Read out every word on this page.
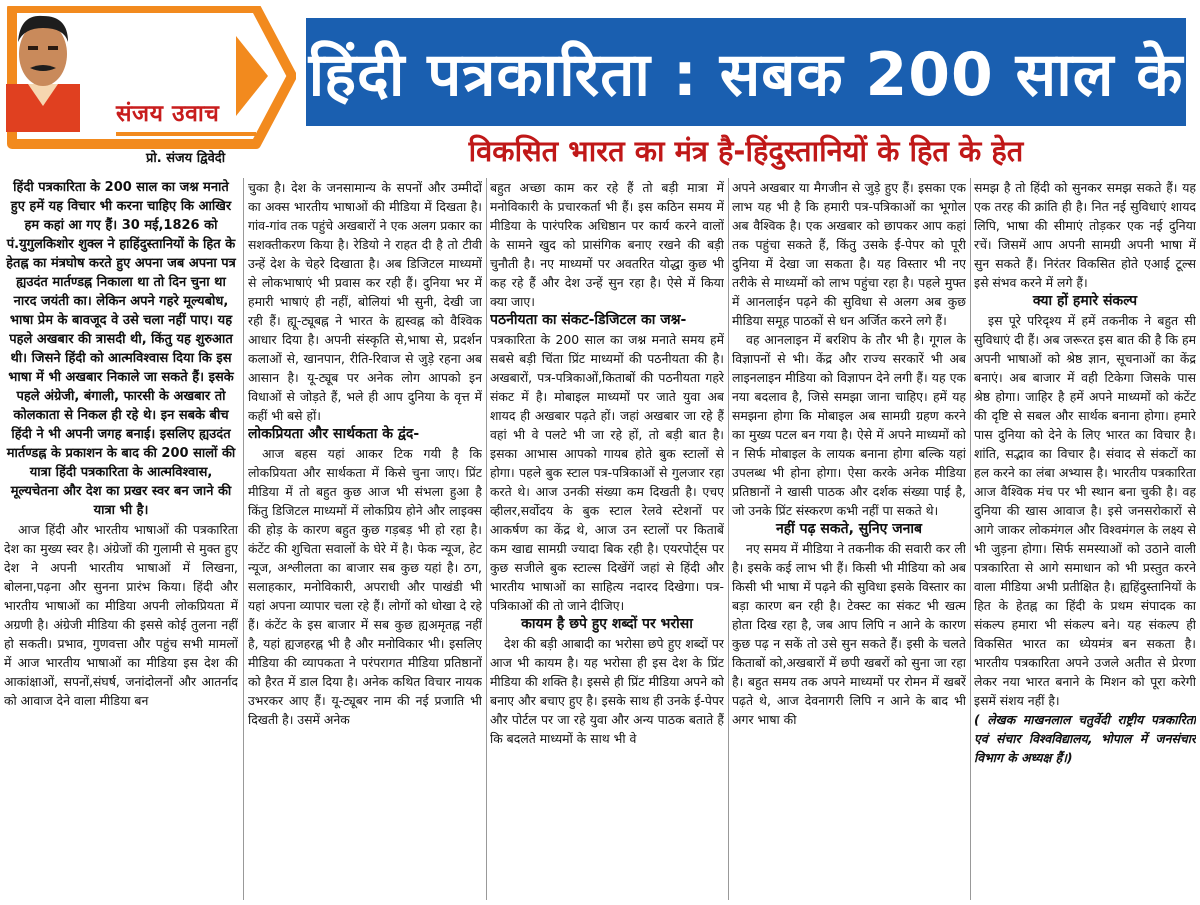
संजय उवाच
प्रो. संजय द्विवेदी
हिंदी पत्रकारिता : सबक 200 साल के
विकसित भारत का मंत्र है-हिंदुस्तानियों के हित के हेत

हिंदी पत्रकारिता के 200 साल का जश्न मनाते हुए हमें यह विचार भी करना चाहिए कि आखिर हम कहां आ गए हैं। 30 मई,1826 को पं.युगुलकिशोर शुक्ल ने हाहिंदुस्तानियों के हित के हेतह्न का मंत्रघोष करते हुए अपना जब अपना पत्र ह्यउदंत मार्तण्डह्न निकाला था तो दिन चुना था नारद जयंती का। लेकिन अपने गहरे मूल्यबोध, भाषा प्रेम के बावजूद वे उसे चला नहीं पाए। यह पहले अखबार की त्रासदी थी, किंतु यह शुरुआत थी। जिसने हिंदी को आत्मविश्वास दिया कि इस भाषा में भी अखबार निकाले जा सकते हैं। इसके पहले अंग्रेजी, बंगाली, फारसी के अखबार तो कोलकाता से निकल ही रहे थे। इन सबके बीच हिंदी ने भी अपनी जगह बनाई। इसलिए ह्यउदंत मार्तण्डह्न के प्रकाशन के बाद की 200 सालों की यात्रा हिंदी पत्रकारिता के आत्मविश्वास, मूल्यचेतना और देश का प्रखर स्वर बन जाने की यात्रा भी है।

आज हिंदी और भारतीय भाषाओं की पत्रकारिता देश का मुख्य स्वर है। अंग्रेजों की गुलामी से मुक्त हुए देश ने अपनी भारतीय भाषाओं में लिखना, बोलना,पढ़ना और सुनना प्रारंभ किया। हिंदी और भारतीय भाषाओं का मीडिया अपनी लोकप्रियता में अग्रणी है। अंग्रेजी मीडिया की इससे कोई तुलना नहीं हो सकती। प्रभाव, गुणवत्ता और पहुंच सभी मामलों में आज भारतीय भाषाओं का मीडिया इस देश की आकांक्षाओं, सपनों,संघर्ष, जनांदोलनों और आतर्नाद को आवाज देने वाला मीडिया बन

चुका है। देश के जनसामान्य के सपनों और उम्मीदों का अक्स भारतीय भाषाओं की मीडिया में दिखता है। गांव-गांव तक पहुंचे अखबारों ने एक अलग प्रकार का सशक्तीकरण किया है। रेडियो ने राहत दी है तो टीवी उन्हें देश के चेहरे दिखाता है। अब डिजिटल माध्यमों से लोकभाषाएं भी प्रवास कर रही हैं। दुनिया भर में हमारी भाषाएं ही नहीं, बोलियां भी सुनी, देखी जा रही हैं। ह्यू-ट्यूबह्न ने भारत के ह्यस्वह्न को वैश्विक आधार दिया है। अपनी संस्कृति से,भाषा से, प्रदर्शन कलाओं से, खानपान, रीति-रिवाज से जुड़े रहना अब आसान है। यू-ट्यूब पर अनेक लोग आपको इन विधाओं से जोड़ते हैं, भले ही आप दुनिया के वृत्त में कहीं भी बसे हों।

लोकप्रियता और सार्थकता के द्वंद-

आज बहस यहां आकर टिक गयी है कि लोकप्रियता और सार्थकता में किसे चुना जाए। प्रिंट मीडिया में तो बहुत कुछ आज भी संभला हुआ है किंतु डिजिटल माध्यमों में लोकप्रिय होने और लाइक्स की होड़ के कारण बहुत कुछ गड़बड़ भी हो रहा है। कंटेंट की शुचिता सवालों के घेरे में है। फेक न्यूज, हेट न्यूज, अश्लीलता का बाजार सब कुछ यहां है। ठग, सलाहकार, मनोविकारी, अपराधी और पाखंडी भी यहां अपना व्यापार चला रहे हैं। लोगों को धोखा दे रहे हैं। कंटेंट के इस बाजार में सब कुछ ह्यअमृतह्न नहीं है, यहां ह्यजहरह्न भी है और मनोविकार भी। इसलिए मीडिया की व्यापकता ने परंपरागत मीडिया प्रतिष्ठानों को हैरत में डाल दिया है। अनेक कथित विचार नायक उभरकर आए हैं। यू-ट्यूबर नाम की नई प्रजाति भी दिखती है। उसमें अनेक

बहुत अच्छा काम कर रहे हैं तो बड़ी मात्रा में मनोविकारी के प्रचारकर्ता भी हैं। इस कठिन समय में मीडिया के पारंपरिक अधिष्ठान पर कार्य करने वालों के सामने खुद को प्रासंगिक बनाए रखने की बड़ी चुनौती है। नए माध्यमों पर अवतरित योद्धा कुछ भी कह रहे हैं और देश उन्हें सुन रहा है। ऐसे में किया क्या जाए।

पठनीयता का संकट-डिजिटल का जश्न-

पत्रकारिता के 200 साल का जश्न मनाते समय हमें सबसे बड़ी चिंता प्रिंट माध्यमों की पठनीयता की है। अखबारों, पत्र-पत्रिकाओं,किताबों की पठनीयता गहरे संकट में है। मोबाइल माध्यमों पर जाते युवा अब शायद ही अखबार पढ़ते हों। जहां अखबार जा रहे हैं वहां भी वे पलटे भी जा रहे हों, तो बड़ी बात है। इसका आभास आपको गायब होते बुक स्टालों से होगा। पहले बुक स्टाल पत्र-पत्रिकाओं से गुलजार रहा करते थे। आज उनकी संख्या कम दिखती है। एचए व्हीलर,सर्वोदय के बुक स्टाल रेलवे स्टेशनों पर आकर्षण का केंद्र थे, आज उन स्टालों पर किताबें कम खाद्य सामग्री ज्यादा बिक रही है। एयरपोर्ट्स पर कुछ सजीले बुक स्टाल्स दिखेंगें जहां से हिंदी और भारतीय भाषाओं का साहित्य नदारद दिखेगा। पत्र- पत्रिकाओं की तो जाने दीजिए।

कायम है छपे हुए शब्दों पर भरोसा

देश की बड़ी आबादी का भरोसा छपे हुए शब्दों पर आज भी कायम है। यह भरोसा ही इस देश के प्रिंट मीडिया की शक्ति है। इससे ही प्रिंट मीडिया अपने को बनाए और बचाए हुए है। इसके साथ ही उनके ई-पेपर और पोर्टल पर जा रहे युवा और अन्य पाठक बताते हैं कि बदलते माध्यमों के साथ भी वे

अपने अखबार या मैगजीन से जुड़े हुए हैं। इसका एक लाभ यह भी है कि हमारी पत्र-पत्रिकाओं का भूगोल अब वैश्विक है। एक अखबार को छापकर आप कहां तक पहुंचा सकते हैं, किंतु उसके ई-पेपर को पूरी दुनिया में देखा जा सकता है। यह विस्तार भी नए तरीके से माध्यमों को लाभ पहुंचा रहा है। पहले मुफ्त में आनलाईन पढ़ने की सुविधा से अलग अब कुछ मीडिया समूह पाठकों से धन अर्जित करने लगे हैं।

वह आनलाइन में बरशिप के तौर भी है। गूगल के विज्ञापनों से भी। केंद्र और राज्य सरकारें भी अब लाइनलाइन मीडिया को विज्ञापन देने लगी हैं। यह एक नया बदलाव है, जिसे समझा जाना चाहिए। हमें यह समझना होगा कि मोबाइल अब सामग्री ग्रहण करने का मुख्य पटल बन गया है। ऐसे में अपने माध्यमों को न सिर्फ मोबाइल के लायक बनाना होगा बल्कि यहां उपलब्ध भी होना होगा। ऐसा करके अनेक मीडिया प्रतिष्ठानों ने खासी पाठक और दर्शक संख्या पाई है, जो उनके प्रिंट संस्करण कभी नहीं पा सकते थे।

नहीं पढ़ सकते, सुनिए जनाब

नए समय में मीडिया ने तकनीक की सवारी कर ली है। इसके कई लाभ भी हैं। किसी भी मीडिया को अब किसी भी भाषा में पढ़ने की सुविधा इसके विस्तार का बड़ा कारण बन रही है। टेक्स्ट का संकट भी खत्म होता दिख रहा है, जब आप लिपि न आने के कारण कुछ पढ़ न सकें तो उसे सुन सकते हैं। इसी के चलते किताबों को,अखबारों में छपी खबरों को सुना जा रहा है। बहुत समय तक अपने माध्यमों पर रोमन में खबरें पढ़ते थे, आज देवनागरी लिपि न आने के बाद भी अगर भाषा की

समझ है तो हिंदी को सुनकर समझ सकते हैं। यह एक तरह की क्रांति ही है। नित नई सुविधाएं शायद लिपि, भाषा की सीमाएं तोड़कर एक नई दुनिया रचें। जिसमें आप अपनी सामग्री अपनी भाषा में सुन सकते हैं। निरंतर विकसित होते एआई टूल्स इसे संभव करने में लगे हैं।

क्या हों हमारे संकल्प

इस पूरे परिदृश्य में हमें तकनीक ने बहुत सी सुविधाएं दी हैं। अब जरूरत इस बात की है कि हम अपनी भाषाओं को श्रेष्ठ ज्ञान, सूचनाओं का केंद्र बनाएं। अब बाजार में वही टिकेगा जिसके पास श्रेष्ठ होगा। जाहिर है हमें अपने माध्यमों को कंटेंट की दृष्टि से सबल और सार्थक बनाना होगा। हमारे पास दुनिया को देने के लिए भारत का विचार है। शांति, सद्भाव का विचार है। संवाद से संकटों का हल करने का लंबा अभ्यास है। भारतीय पत्रकारिता आज वैश्विक मंच पर भी स्थान बना चुकी है। वह दुनिया की खास आवाज है। इसे जनसरोकारों से आगे जाकर लोकमंगल और विश्वमंगल के लक्ष्य से भी जुड़ना होगा। सिर्फ समस्याओं को उठाने वाली पत्रकारिता से आगे समाधान को भी प्रस्तुत करने वाला मीडिया अभी प्रतीक्षित है। ह्यहिंदुस्तानियों के हित के हेतह्न का हिंदी के प्रथम संपादक का संकल्प हमारा भी संकल्प बने। यह संकल्प ही विकसित भारत का ध्येयमंत्र बन सकता है। भारतीय पत्रकारिता अपने उजले अतीत से प्रेरणा लेकर नया भारत बनाने के मिशन को पूरा करेगी इसमें संशय नहीं है।

( लेखक माखनलाल चतुर्वेदी राष्ट्रीय पत्रकारिता एवं संचार विश्वविद्यालय, भोपाल में जनसंचार विभाग के अध्यक्ष हैं।)
